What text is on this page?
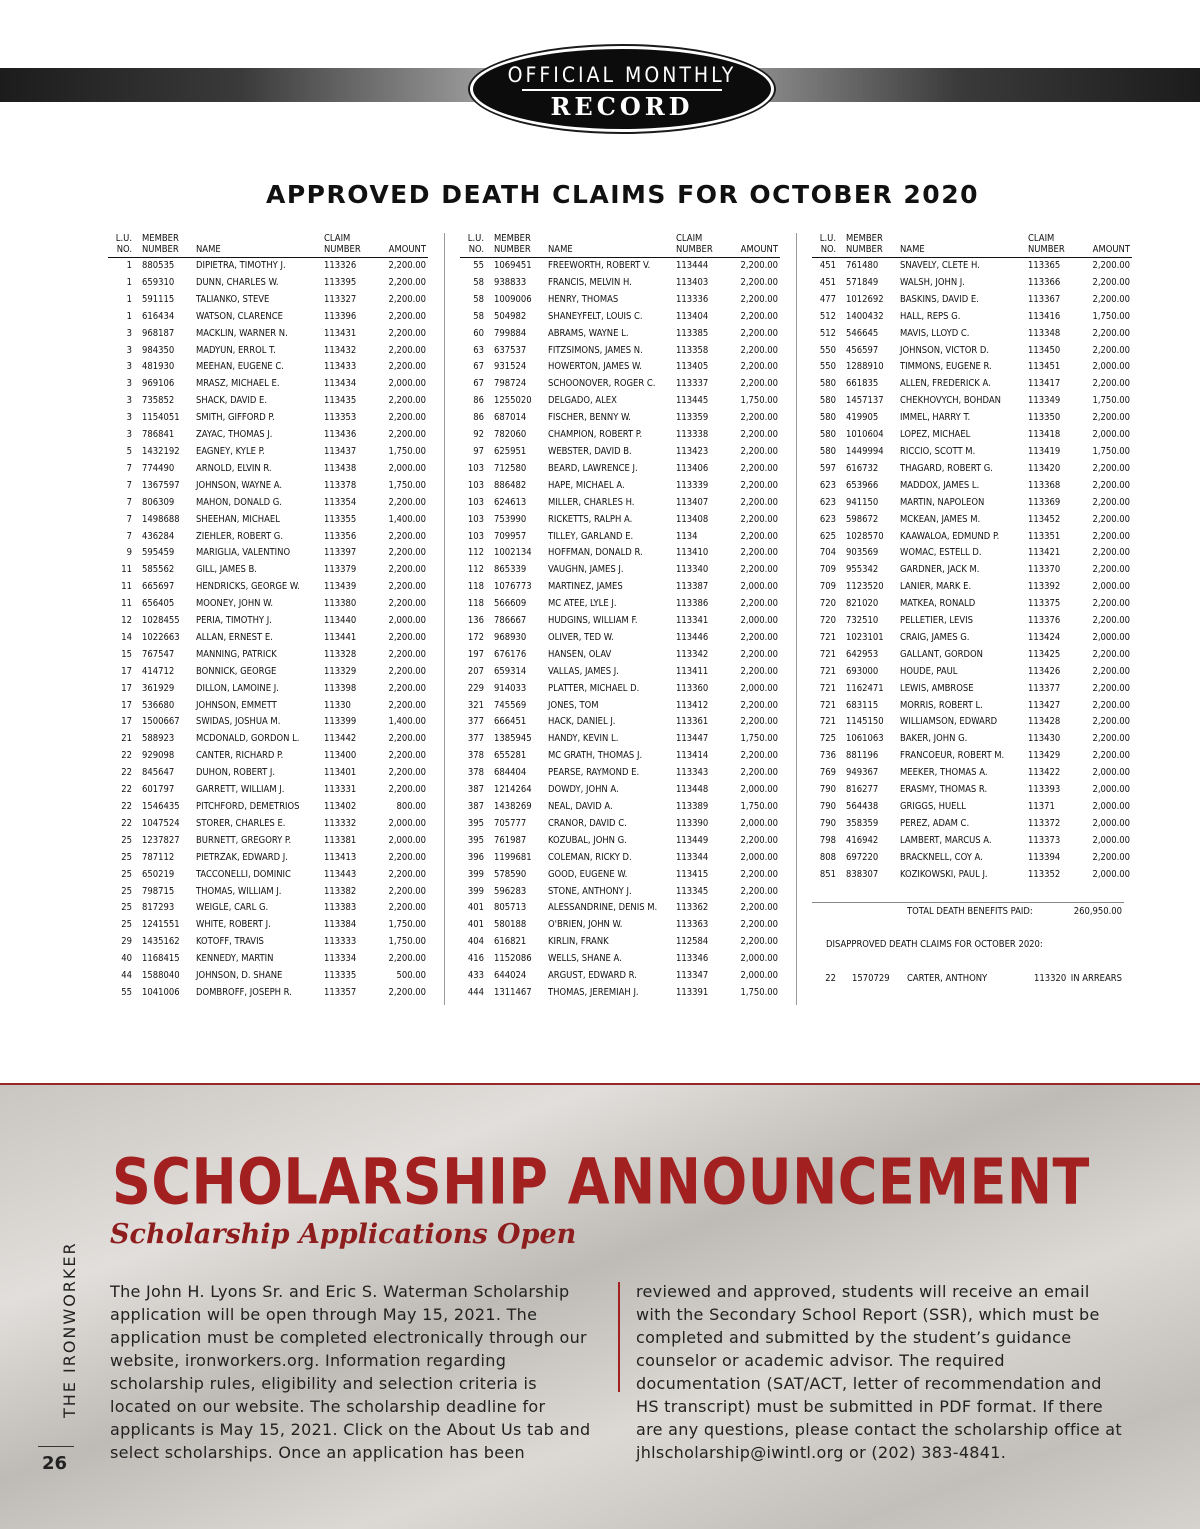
OFFICIAL MONTHLY
RECORD
APPROVED DEATH CLAIMS FOR OCTOBER 2020
L.U. NO.	MEMBER NUMBER	NAME	CLAIM NUMBER	AMOUNT
1	880535	DIPIETRA, TIMOTHY J.	113326	2,200.00
1	659310	DUNN, CHARLES W.	113395	2,200.00
1	591115	TALIANKO, STEVE	113327	2,200.00
1	616434	WATSON, CLARENCE	113396	2,200.00
3	968187	MACKLIN, WARNER N.	113431	2,200.00
3	984350	MADYUN, ERROL T.	113432	2,200.00
3	481930	MEEHAN, EUGENE C.	113433	2,200.00
3	969106	MRASZ, MICHAEL E.	113434	2,000.00
3	735852	SHACK, DAVID E.	113435	2,200.00
3	1154051	SMITH, GIFFORD P.	113353	2,200.00
3	786841	ZAYAC, THOMAS J.	113436	2,200.00
5	1432192	EAGNEY, KYLE P.	113437	1,750.00
7	774490	ARNOLD, ELVIN R.	113438	2,000.00
7	1367597	JOHNSON, WAYNE A.	113378	1,750.00
7	806309	MAHON, DONALD G.	113354	2,200.00
7	1498688	SHEEHAN, MICHAEL	113355	1,400.00
7	436284	ZIEHLER, ROBERT G.	113356	2,200.00
9	595459	MARIGLIA, VALENTINO	113397	2,200.00
11	585562	GILL, JAMES B.	113379	2,200.00
11	665697	HENDRICKS, GEORGE W.	113439	2,200.00
11	656405	MOONEY, JOHN W.	113380	2,200.00
12	1028455	PERIA, TIMOTHY J.	113440	2,000.00
14	1022663	ALLAN, ERNEST E.	113441	2,200.00
15	767547	MANNING, PATRICK	113328	2,200.00
17	414712	BONNICK, GEORGE	113329	2,200.00
17	361929	DILLON, LAMOINE J.	113398	2,200.00
17	536680	JOHNSON, EMMETT	11330	2,200.00
17	1500667	SWIDAS, JOSHUA M.	113399	1,400.00
21	588923	MCDONALD, GORDON L.	113442	2,200.00
22	929098	CANTER, RICHARD P.	113400	2,200.00
22	845647	DUHON, ROBERT J.	113401	2,200.00
22	601797	GARRETT, WILLIAM J.	113331	2,200.00
22	1546435	PITCHFORD, DEMETRIOS	113402	800.00
22	1047524	STORER, CHARLES E.	113332	2,000.00
25	1237827	BURNETT, GREGORY P.	113381	2,000.00
25	787112	PIETRZAK, EDWARD J.	113413	2,200.00
25	650219	TACCONELLI, DOMINIC	113443	2,200.00
25	798715	THOMAS, WILLIAM J.	113382	2,200.00
25	817293	WEIGLE, CARL G.	113383	2,200.00
25	1241551	WHITE, ROBERT J.	113384	1,750.00
29	1435162	KOTOFF, TRAVIS	113333	1,750.00
40	1168415	KENNEDY, MARTIN	113334	2,200.00
44	1588040	JOHNSON, D. SHANE	113335	500.00
55	1041006	DOMBROFF, JOSEPH R.	113357	2,200.00
L.U. NO.	MEMBER NUMBER	NAME	CLAIM NUMBER	AMOUNT
55	1069451	FREEWORTH, ROBERT V.	113444	2,200.00
58	938833	FRANCIS, MELVIN H.	113403	2,200.00
58	1009006	HENRY, THOMAS	113336	2,200.00
58	504982	SHANEYFELT, LOUIS C.	113404	2,200.00
60	799884	ABRAMS, WAYNE L.	113385	2,200.00
63	637537	FITZSIMONS, JAMES N.	113358	2,200.00
67	931524	HOWERTON, JAMES W.	113405	2,200.00
67	798724	SCHOONOVER, ROGER C.	113337	2,200.00
86	1255020	DELGADO, ALEX	113445	1,750.00
86	687014	FISCHER, BENNY W.	113359	2,200.00
92	782060	CHAMPION, ROBERT P.	113338	2,200.00
97	625951	WEBSTER, DAVID B.	113423	2,200.00
103	712580	BEARD, LAWRENCE J.	113406	2,200.00
103	886482	HAPE, MICHAEL A.	113339	2,200.00
103	624613	MILLER, CHARLES H.	113407	2,200.00
103	753990	RICKETTS, RALPH A.	113408	2,200.00
103	709957	TILLEY, GARLAND E.	1134	2,200.00
112	1002134	HOFFMAN, DONALD R.	113410	2,200.00
112	865339	VAUGHN, JAMES J.	113340	2,200.00
118	1076773	MARTINEZ, JAMES	113387	2,000.00
118	566609	MC ATEE, LYLE J.	113386	2,200.00
136	786667	HUDGINS, WILLIAM F.	113341	2,000.00
172	968930	OLIVER, TED W.	113446	2,200.00
197	676176	HANSEN, OLAV	113342	2,200.00
207	659314	VALLAS, JAMES J.	113411	2,200.00
229	914033	PLATTER, MICHAEL D.	113360	2,000.00
321	745569	JONES, TOM	113412	2,200.00
377	666451	HACK, DANIEL J.	113361	2,200.00
377	1385945	HANDY, KEVIN L.	113447	1,750.00
378	655281	MC GRATH, THOMAS J.	113414	2,200.00
378	684404	PEARSE, RAYMOND E.	113343	2,200.00
387	1214264	DOWDY, JOHN A.	113448	2,000.00
387	1438269	NEAL, DAVID A.	113389	1,750.00
395	705777	CRANOR, DAVID C.	113390	2,000.00
395	761987	KOZUBAL, JOHN G.	113449	2,200.00
396	1199681	COLEMAN, RICKY D.	113344	2,000.00
399	578590	GOOD, EUGENE W.	113415	2,200.00
399	596283	STONE, ANTHONY J.	113345	2,200.00
401	805713	ALESSANDRINE, DENIS M.	113362	2,200.00
401	580188	O'BRIEN, JOHN W.	113363	2,200.00
404	616821	KIRLIN, FRANK	112584	2,200.00
416	1152086	WELLS, SHANE A.	113346	2,000.00
433	644024	ARGUST, EDWARD R.	113347	2,000.00
444	1311467	THOMAS, JEREMIAH J.	113391	1,750.00
L.U. NO.	MEMBER NUMBER	NAME	CLAIM NUMBER	AMOUNT
451	761480	SNAVELY, CLETE H.	113365	2,200.00
451	571849	WALSH, JOHN J.	113366	2,200.00
477	1012692	BASKINS, DAVID E.	113367	2,200.00
512	1400432	HALL, REPS G.	113416	1,750.00
512	546645	MAVIS, LLOYD C.	113348	2,200.00
550	456597	JOHNSON, VICTOR D.	113450	2,200.00
550	1288910	TIMMONS, EUGENE R.	113451	2,000.00
580	661835	ALLEN, FREDERICK A.	113417	2,200.00
580	1457137	CHEKHOVYCH, BOHDAN	113349	1,750.00
580	419905	IMMEL, HARRY T.	113350	2,200.00
580	1010604	LOPEZ, MICHAEL	113418	2,000.00
580	1449994	RICCIO, SCOTT M.	113419	1,750.00
597	616732	THAGARD, ROBERT G.	113420	2,200.00
623	653966	MADDOX, JAMES L.	113368	2,200.00
623	941150	MARTIN, NAPOLEON	113369	2,200.00
623	598672	MCKEAN, JAMES M.	113452	2,200.00
625	1028570	KAAWALOA, EDMUND P.	113351	2,200.00
704	903569	WOMAC, ESTELL D.	113421	2,200.00
709	955342	GARDNER, JACK M.	113370	2,200.00
709	1123520	LANIER, MARK E.	113392	2,000.00
720	821020	MATKEA, RONALD	113375	2,200.00
720	732510	PELLETIER, LEVIS	113376	2,200.00
721	1023101	CRAIG, JAMES G.	113424	2,000.00
721	642953	GALLANT, GORDON	113425	2,200.00
721	693000	HOUDE, PAUL	113426	2,200.00
721	1162471	LEWIS, AMBROSE	113377	2,200.00
721	683115	MORRIS, ROBERT L.	113427	2,200.00
721	1145150	WILLIAMSON, EDWARD	113428	2,200.00
725	1061063	BAKER, JOHN G.	113430	2,200.00
736	881196	FRANCOEUR, ROBERT M.	113429	2,200.00
769	949367	MEEKER, THOMAS A.	113422	2,000.00
790	816277	ERASMY, THOMAS R.	113393	2,000.00
790	564438	GRIGGS, HUELL	11371	2,000.00
790	358359	PEREZ, ADAM C.	113372	2,000.00
798	416942	LAMBERT, MARCUS A.	113373	2,000.00
808	697220	BRACKNELL, COY A.	113394	2,200.00
851	838307	KOZIKOWSKI, PAUL J.	113352	2,000.00
TOTAL DEATH BENEFITS PAID:	260,950.00
DISAPPROVED DEATH CLAIMS FOR OCTOBER 2020:
22 1570729 CARTER, ANTHONY	113320 IN ARREARS
SCHOLARSHIP ANNOUNCEMENT
Scholarship Applications Open
The John H. Lyons Sr. and Eric S. Waterman Scholarship application will be open through May 15, 2021. The application must be completed electronically through our website, ironworkers.org. Information regarding scholarship rules, eligibility and selection criteria is located on our website. The scholarship deadline for applicants is May 15, 2021. Click on the About Us tab and select scholarships. Once an application has been
reviewed and approved, students will receive an email with the Secondary School Report (SSR), which must be completed and submitted by the student’s guidance counselor or academic advisor. The required documentation (SAT/ACT, letter of recommendation and HS transcript) must be submitted in PDF format. If there are any questions, please contact the scholarship office at jhlscholarship@iwintl.org or (202) 383-4841.
THE IRONWORKER
26
